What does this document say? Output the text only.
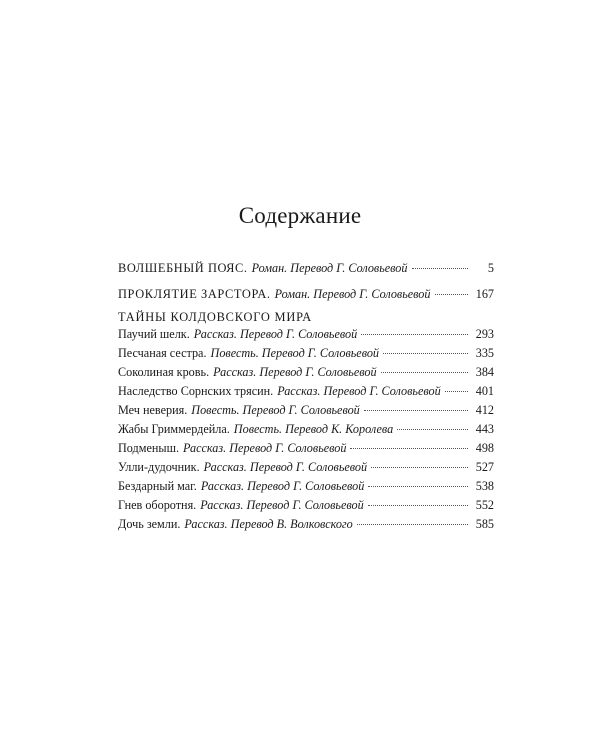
Содержание
ВОЛШЕБНЫЙ ПОЯС. Роман. Перевод Г. Соловьевой	5
ПРОКЛЯТИЕ ЗАРСТОРА. Роман. Перевод Г. Соловьевой	167
ТАЙНЫ КОЛДОВСКОГО МИРА
Паучий шелк. Рассказ. Перевод Г. Соловьевой	293
Песчаная сестра. Повесть. Перевод Г. Соловьевой	335
Соколиная кровь. Рассказ. Перевод Г. Соловьевой	384
Наследство Сорнских трясин. Рассказ. Перевод Г. Соловьевой	401
Меч неверия. Повесть. Перевод Г. Соловьевой	412
Жабы Гриммердейла. Повесть. Перевод К. Королева	443
Подменыш. Рассказ. Перевод Г. Соловьевой	498
Улли-дудочник. Рассказ. Перевод Г. Соловьевой	527
Бездарный маг. Рассказ. Перевод Г. Соловьевой	538
Гнев оборотня. Рассказ. Перевод Г. Соловьевой	552
Дочь земли. Рассказ. Перевод В. Волковского	585
